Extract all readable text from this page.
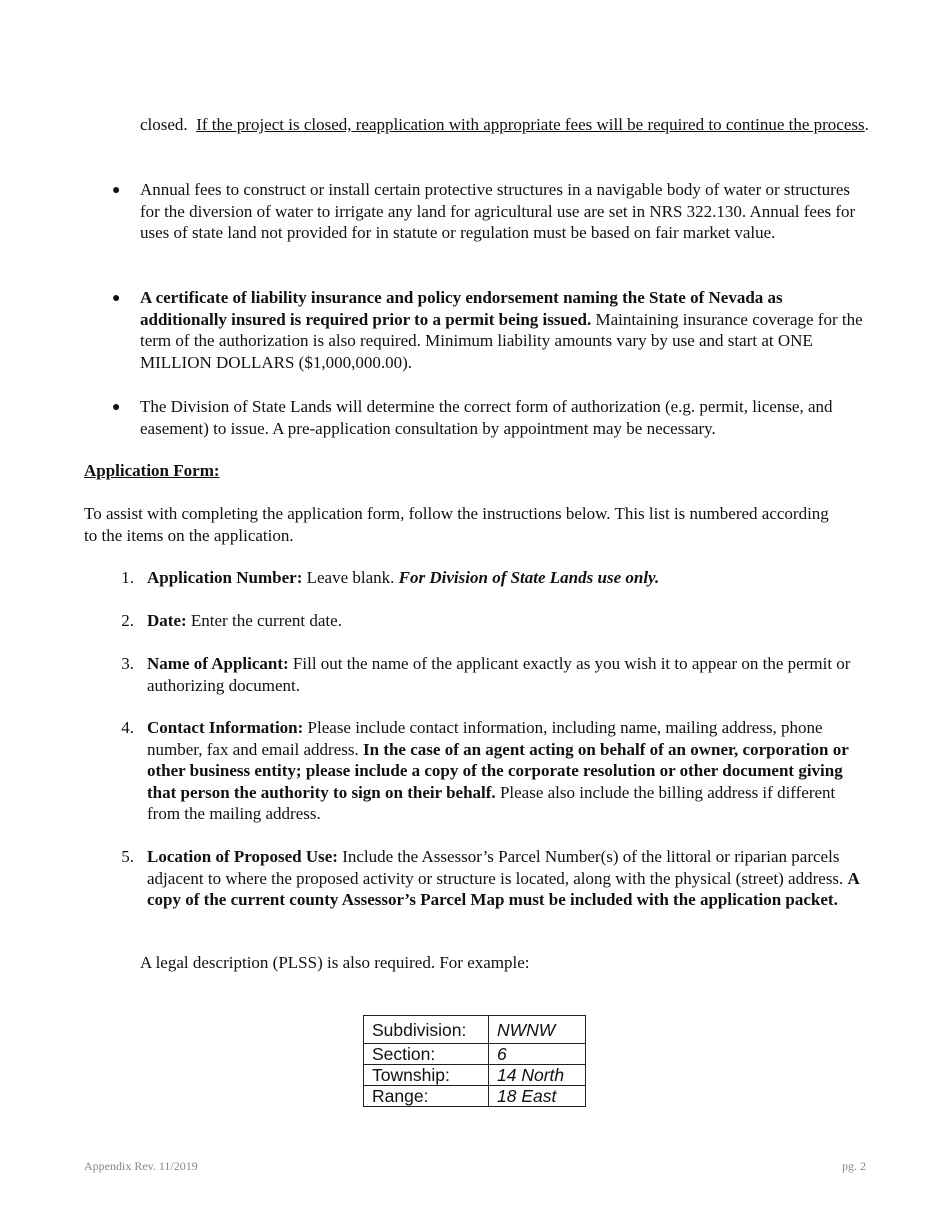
closed. If the project is closed, reapplication with appropriate fees will be required to continue the process.
● Annual fees to construct or install certain protective structures in a navigable body of water or structures for the diversion of water to irrigate any land for agricultural use are set in NRS 322.130. Annual fees for uses of state land not provided for in statute or regulation must be based on fair market value.
● A certificate of liability insurance and policy endorsement naming the State of Nevada as additionally insured is required prior to a permit being issued. Maintaining insurance coverage for the term of the authorization is also required. Minimum liability amounts vary by use and start at ONE MILLION DOLLARS ($1,000,000.00).
● The Division of State Lands will determine the correct form of authorization (e.g. permit, license, and easement) to issue. A pre-application consultation by appointment may be necessary.
Application Form:
To assist with completing the application form, follow the instructions below. This list is numbered according to the items on the application.
1. Application Number: Leave blank. For Division of State Lands use only.
2. Date: Enter the current date.
3. Name of Applicant: Fill out the name of the applicant exactly as you wish it to appear on the permit or authorizing document.
4. Contact Information: Please include contact information, including name, mailing address, phone number, fax and email address. In the case of an agent acting on behalf of an owner, corporation or other business entity; please include a copy of the corporate resolution or other document giving that person the authority to sign on their behalf. Please also include the billing address if different from the mailing address.
5. Location of Proposed Use: Include the Assessor’s Parcel Number(s) of the littoral or riparian parcels adjacent to where the proposed activity or structure is located, along with the physical (street) address. A copy of the current county Assessor’s Parcel Map must be included with the application packet.
A legal description (PLSS) is also required. For example:
Subdivision:	NWNW
Section:	6
Township:	14 North
Range:	18 East
Appendix Rev. 11/2019	pg. 2
